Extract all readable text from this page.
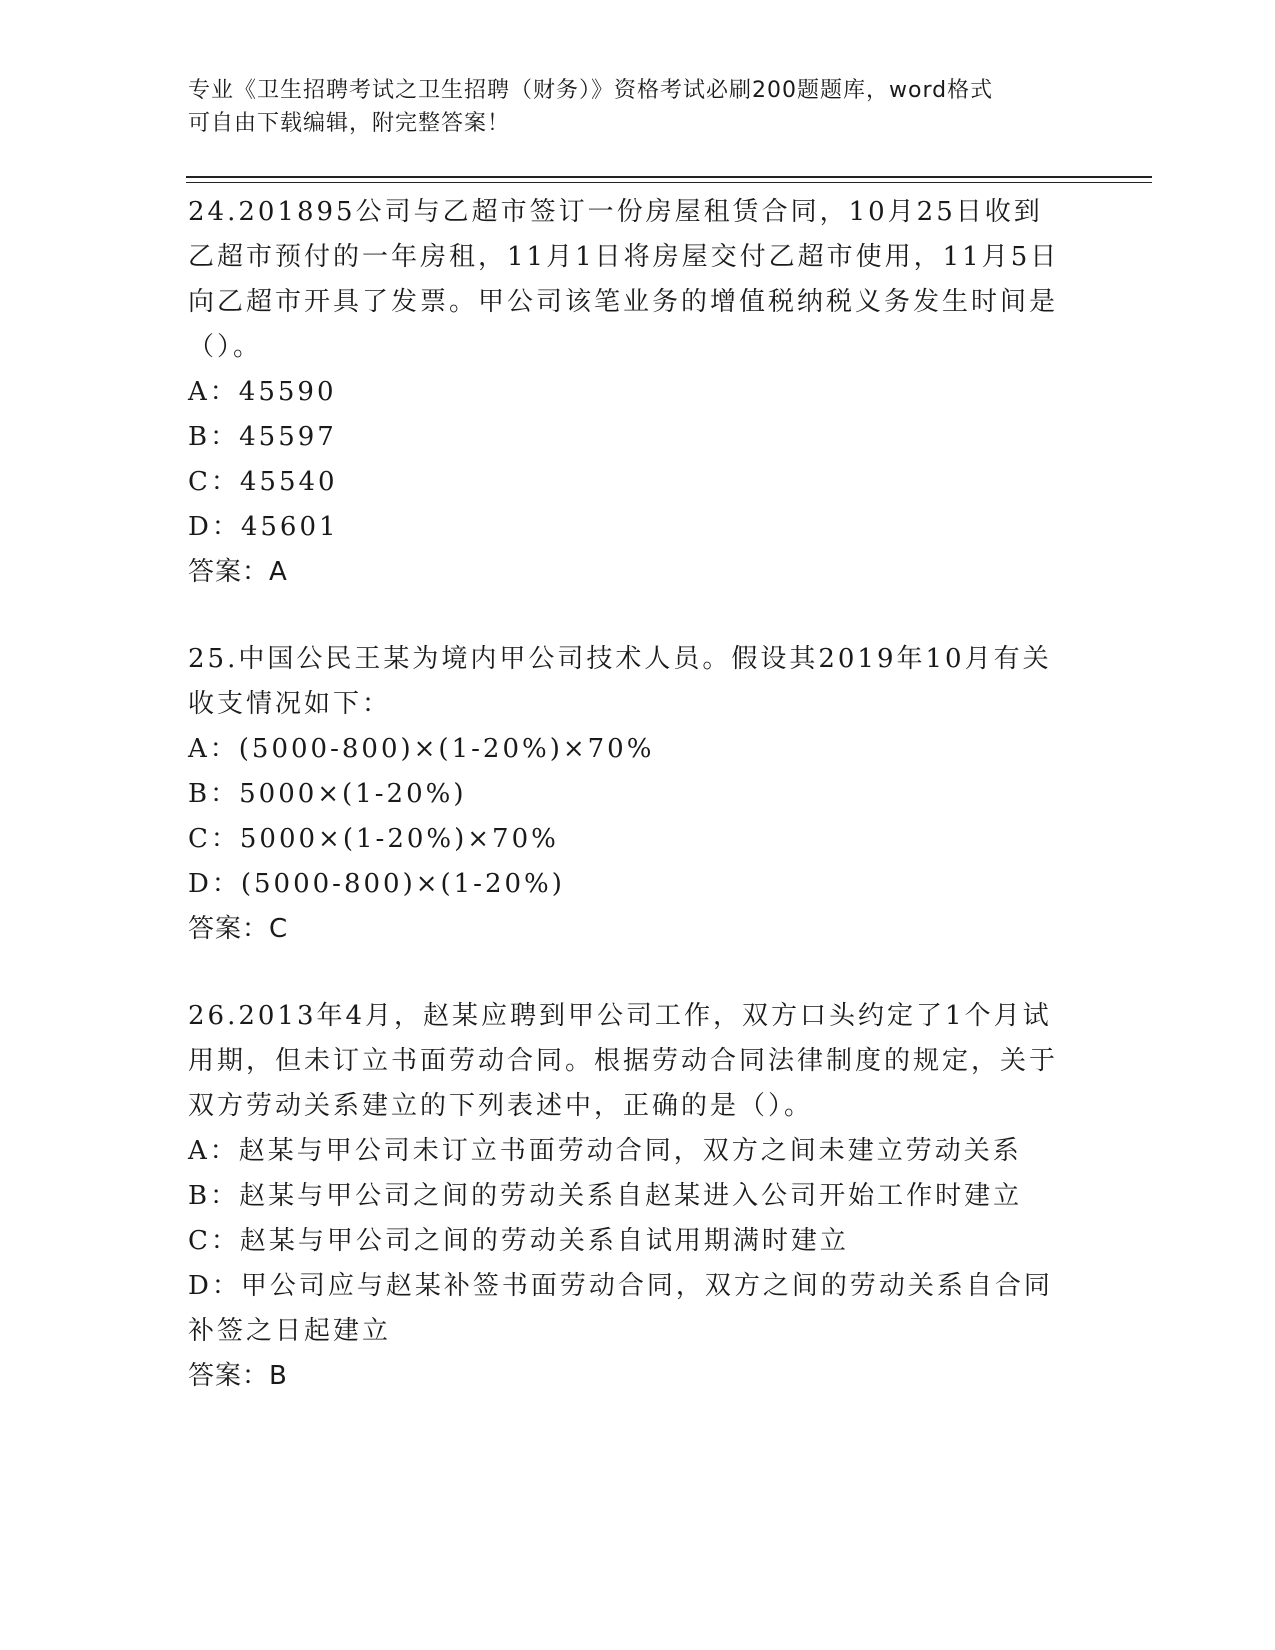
专业《卫生招聘考试之卫生招聘（财务）》资格考试必刷200题题库，word格式
可自由下载编辑，附完整答案！

24.201895公司与乙超市签订一份房屋租赁合同，10月25日收到乙超市预付的一年房租，11月1日将房屋交付乙超市使用，11月5日向乙超市开具了发票。甲公司该笔业务的增值税纳税义务发生时间是（）。

A：45590

B：45597

C：45540

D：45601

答案：A

25.中国公民王某为境内甲公司技术人员。假设其2019年10月有关收支情况如下：

A：(5000-800)×(1-20%)×70%

B：5000×(1-20%)

C：5000×(1-20%)×70%

D：(5000-800)×(1-20%)

答案：C

26.2013年4月，赵某应聘到甲公司工作，双方口头约定了1个月试用期，但未订立书面劳动合同。根据劳动合同法律制度的规定，关于双方劳动关系建立的下列表述中，正确的是（）。

A：赵某与甲公司未订立书面劳动合同，双方之间未建立劳动关系

B：赵某与甲公司之间的劳动关系自赵某进入公司开始工作时建立

C：赵某与甲公司之间的劳动关系自试用期满时建立

D：甲公司应与赵某补签书面劳动合同，双方之间的劳动关系自合同补签之日起建立

答案：B
